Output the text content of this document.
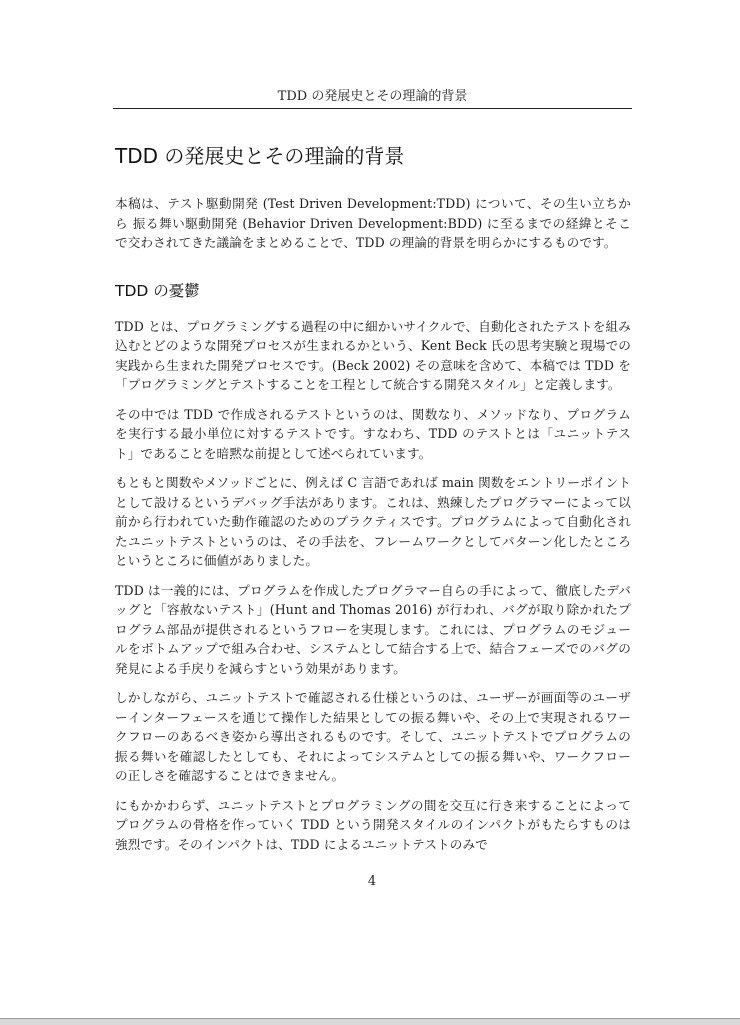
TDD の発展史とその理論的背景
TDD の発展史とその理論的背景

本稿は、テスト駆動開発 (Test Driven Development:TDD) について、その生い立ちから 振る舞い駆動開発 (Behavior Driven Development:BDD) に至るまでの経緯とそこで交わされてきた議論をまとめることで、TDD の理論的背景を明らかにするものです。

TDD の憂鬱

TDD とは、プログラミングする過程の中に細かいサイクルで、自動化されたテストを組み込むとどのような開発プロセスが生まれるかという、Kent Beck 氏の思考実験と現場での実践から生まれた開発プロセスです。(Beck 2002) その意味を含めて、本稿では TDD を「プログラミングとテストすることを工程として統合する開発スタイル」と定義します。

その中では TDD で作成されるテストというのは、関数なり、メソッドなり、プログラムを実行する最小単位に対するテストです。すなわち、TDD のテストとは「ユニットテスト」であることを暗黙な前提として述べられています。

もともと関数やメソッドごとに、例えば C 言語であれば main 関数をエントリーポイントとして設けるというデバッグ手法があります。これは、熟練したプログラマーによって以前から行われていた動作確認のためのプラクティスです。プログラムによって自動化されたユニットテストというのは、その手法を、フレームワークとしてパターン化したところというところに価値がありました。

TDD は一義的には、プログラムを作成したプログラマー自らの手によって、徹底したデバッグと「容赦ないテスト」(Hunt and Thomas 2016) が行われ、バグが取り除かれたプログラム部品が提供されるというフローを実現します。これには、プログラムのモジュールをボトムアップで組み合わせ、システムとして結合する上で、結合フェーズでのバグの発見による手戻りを減らすという効果があります。

しかしながら、ユニットテストで確認される仕様というのは、ユーザーが画面等のユーザーインターフェースを通じて操作した結果としての振る舞いや、その上で実現されるワークフローのあるべき姿から導出されるものです。そして、ユニットテストでプログラムの振る舞いを確認したとしても、それによってシステムとしての振る舞いや、ワークフローの正しさを確認することはできません。

にもかかわらず、ユニットテストとプログラミングの間を交互に行き来することによってプログラムの骨格を作っていく TDD という開発スタイルのインパクトがもたらすものは強烈です。そのインパクトは、TDD によるユニットテストのみで

4
